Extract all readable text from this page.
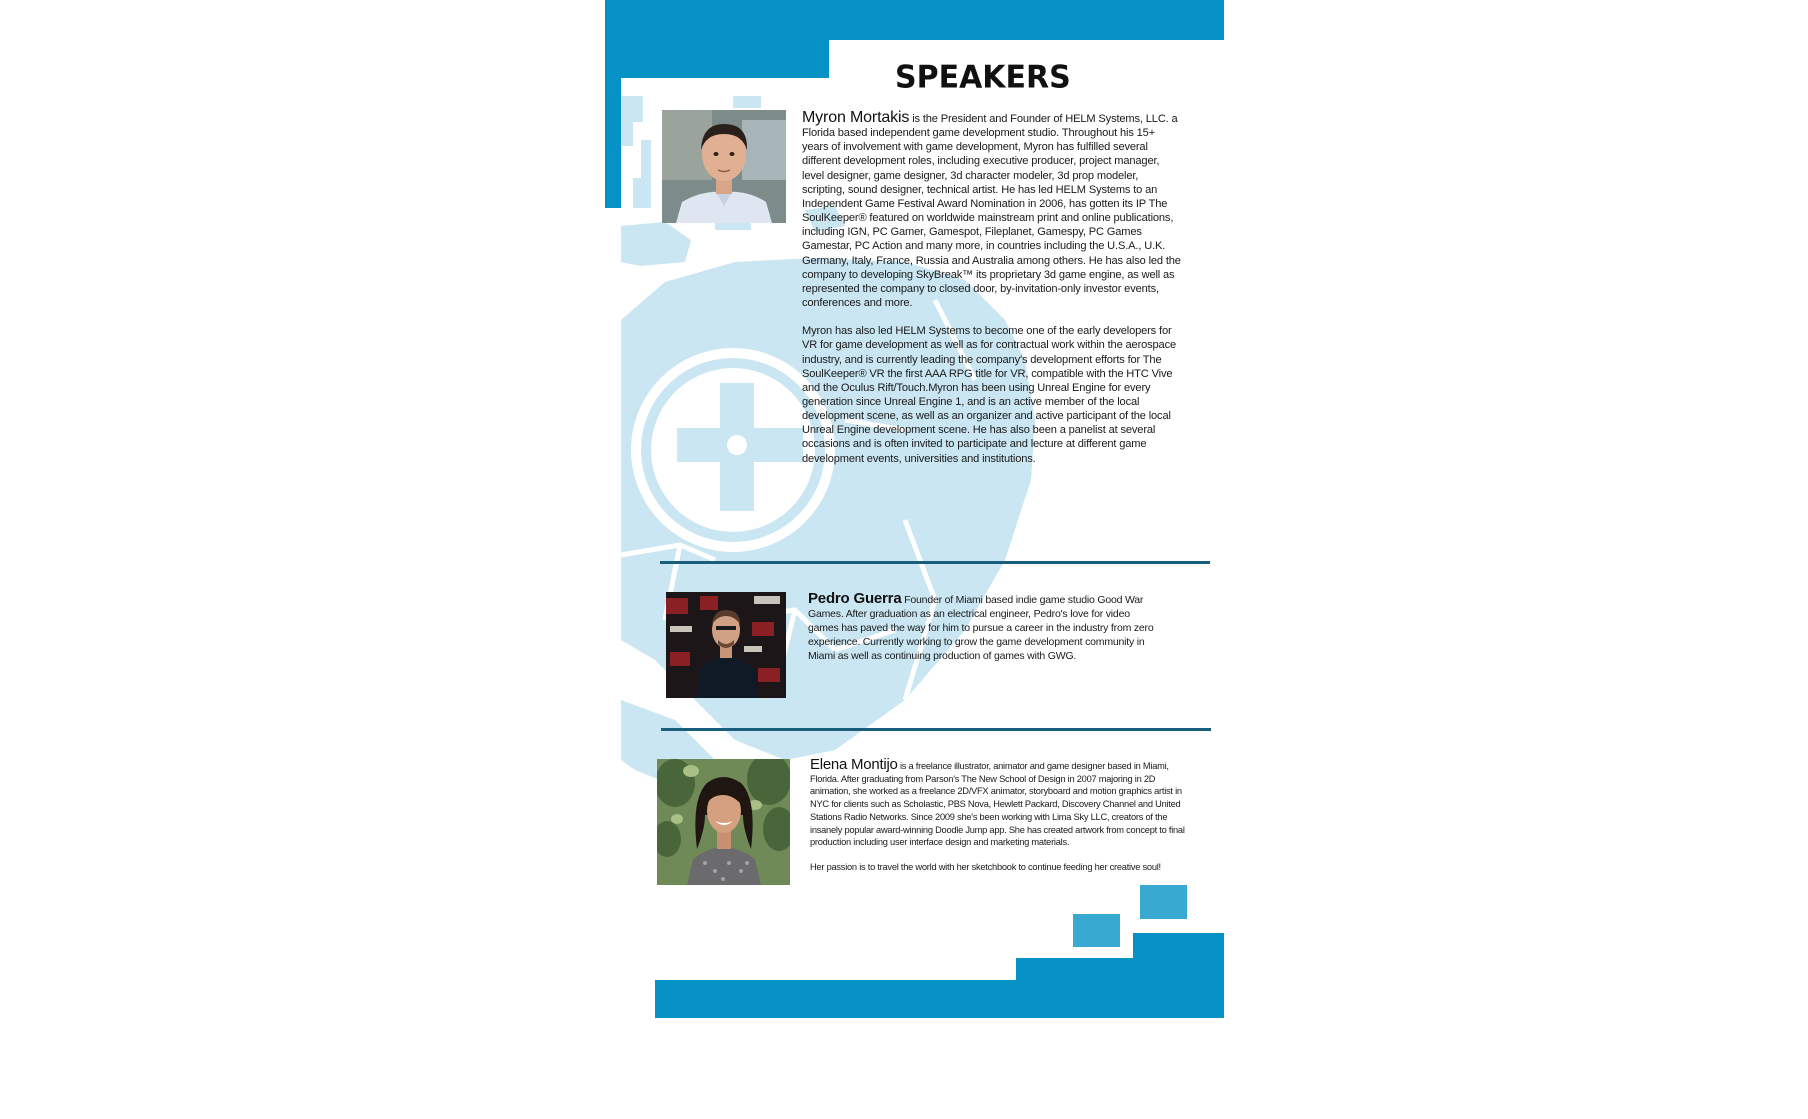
SPEAKERS

Myron Mortakis is the President and Founder of HELM Systems, LLC. a Florida based independent game development studio. Throughout his 15+ years of involvement with game development, Myron has fulfilled several different development roles, including executive producer, project manager, level designer, game designer, 3d character modeler, 3d prop modeler, scripting, sound designer, technical artist. He has led HELM Systems to an Independent Game Festival Award Nomination in 2006, has gotten its IP The SoulKeeper® featured on worldwide mainstream print and online publications, including IGN, PC Gamer, Gamespot, Fileplanet, Gamespy, PC Games Gamestar, PC Action and many more, in countries including the U.S.A., U.K. Germany, Italy, France, Russia and Australia among others. He has also led the company to developing SkyBreak™ its proprietary 3d game engine, as well as represented the company to closed door, by-invitation-only investor events, conferences and more.

Myron has also led HELM Systems to become one of the early developers for VR for game development as well as for contractual work within the aerospace industry, and is currently leading the company's development efforts for The SoulKeeper® VR the first AAA RPG title for VR, compatible with the HTC Vive and the Oculus Rift/Touch.Myron has been using Unreal Engine for every generation since Unreal Engine 1, and is an active member of the local development scene, as well as an organizer and active participant of the local Unreal Engine development scene. He has also been a panelist at several occasions and is often invited to participate and lecture at different game development events, universities and institutions.

Pedro Guerra Founder of Miami based indie game studio Good War Games. After graduation as an electrical engineer, Pedro's love for video games has paved the way for him to pursue a career in the industry from zero experience. Currently working to grow the game development community in Miami as well as continuing production of games with GWG.

Elena Montijo is a freelance illustrator, animator and game designer based in Miami, Florida. After graduating from Parson's The New School of Design in 2007 majoring in 2D animation, she worked as a freelance 2D/VFX animator, storyboard and motion graphics artist in NYC for clients such as Scholastic, PBS Nova, Hewlett Packard, Discovery Channel and United Stations Radio Networks. Since 2009 she's been working with Lima Sky LLC, creators of the insanely popular award-winning Doodle Jump app. She has created artwork from concept to final production including user interface design and marketing materials.

Her passion is to travel the world with her sketchbook to continue feeding her creative soul!
